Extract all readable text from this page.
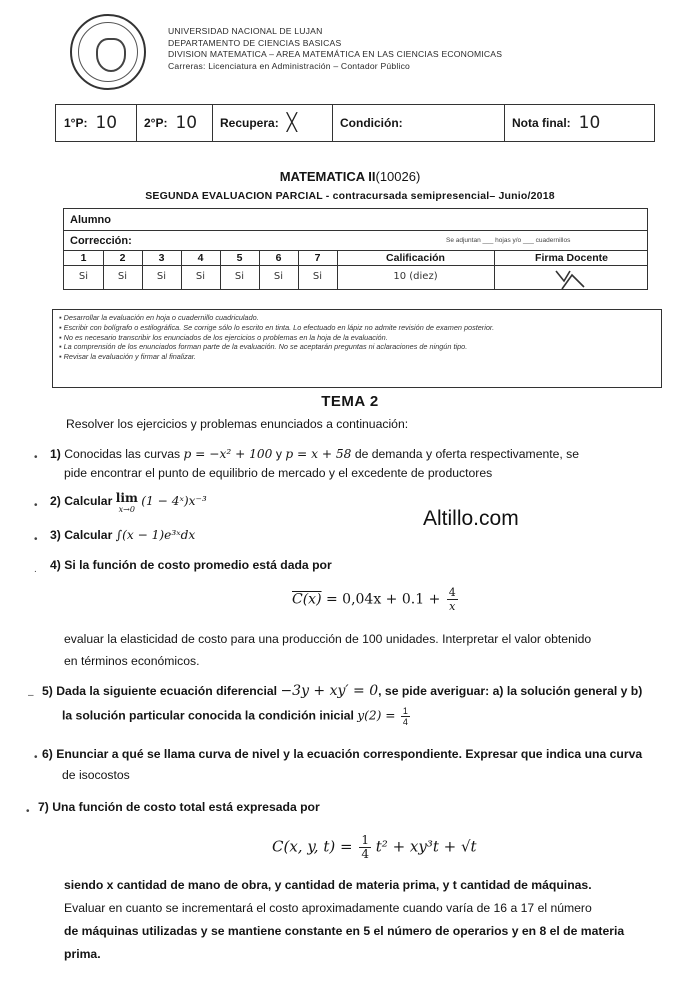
UNIVERSIDAD NACIONAL DE LUJAN
DEPARTAMENTO DE CIENCIAS BASICAS
DIVISION MATEMATICA – AREA MATEMÁTICA EN LAS CIENCIAS ECONOMICAS
Carreras: Licenciatura en Administración – Contador Público
1°P: 10 2°P: 10 Recupera: ╳	Condición:	Nota final: 10
MATEMATICA II(10026)
SEGUNDA EVALUACION PARCIAL - contracursada semipresencial– Junio/2018
Alumno
Corrección:	Se adjuntan ___ hojas y/o ___ cuadernillos
1	2	3	4	5	6	7	Calificación	Firma Docente
Si	Si	Si	Si	Si	Si	Si	10 (diez)
▪ Desarrollar la evaluación en hoja o cuadernillo cuadriculado.
▪ Escribir con bolígrafo o estilográfica. Se corrige sólo lo escrito en tinta. Lo efectuado en lápiz no admite revisión de examen posterior.
▪ No es necesario transcribir los enunciados de los ejercicios o problemas en la hoja de la evaluación.
▪ La comprensión de los enunciados forman parte de la evaluación. No se aceptarán preguntas ni aclaraciones de ningún tipo.
▪ Revisar la evaluación y firmar al finalizar.
TEMA 2
Resolver los ejercicios y problemas enunciados a continuación:
• 1) Conocidas las curvas p = −x² + 100 y p = x + 58 de demanda y oferta respectivamente, se
pide encontrar el punto de equilibrio de mercado y el excedente de productores
• 2) Calcular lim
x→0
(1 − 4ˣ)x⁻³
Altillo.com
• 3) Calcular ∫(x − 1)e³ˣdx
. 4) Si la función de costo promedio está dada por
$C(x) = 0,04x + 0.1 + \frac{4}{x}$
evaluar la elasticidad de costo para una producción de 100 unidades. Interpretar el valor obtenido
en términos económicos.
– 5) Dada la siguiente ecuación diferencial −3y + xy′ = 0, se pide averiguar: a) la solución general y b)
la solución particular conocida la condición inicial $y(2) = \frac{1}{4}$
• 6) Enunciar a qué se llama curva de nivel y la ecuación correspondiente. Expresar que indica una curva
de isocostos
• 7) Una función de costo total está expresada por
C(x, y, $t) = \frac{1}{4} t^2 + xy^3t + √t$
siendo x cantidad de mano de obra, y cantidad de materia prima, y t cantidad de máquinas.
Evaluar en cuanto se incrementará el costo aproximadamente cuando varía de 16 a 17 el número
de máquinas utilizadas y se mantiene constante en 5 el número de operarios y en 8 el de materia
prima.
